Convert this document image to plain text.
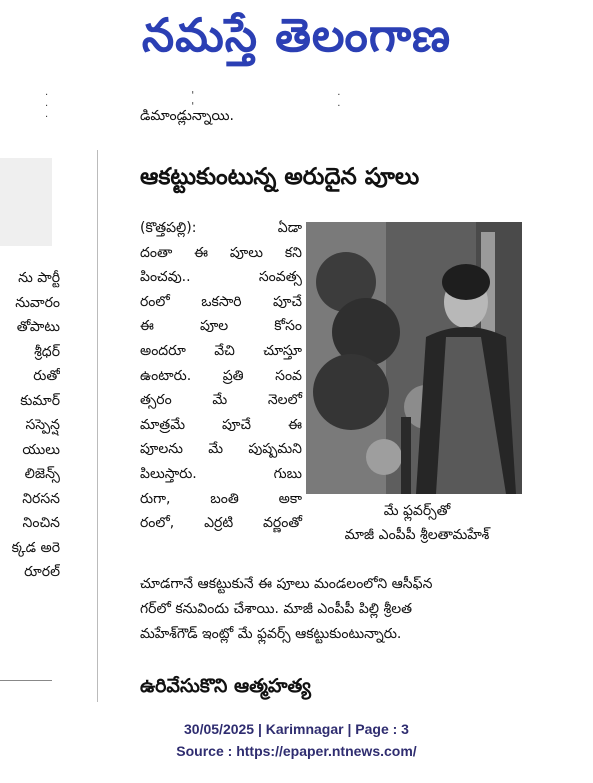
నమస్తే తెలంగాణ
· ' · · ' · ·	డిమాండ్లున్నాయి.
ను పార్టీ
నువారం
తోపాటు
శ్రీధర్
రుతో
కుమార్
సస్పెన్ష
యులు
లిజెన్స్
నిరసన
నించిన
క్కడ అరె
రూరల్
ఆకట్టుకుంటున్న అరుదైన పూలు
(కొత్తపల్లి): ఏడా
దంతా ఈ పూలు కని
పించవు.. సంవత్స
రంలో ఒకసారి పూచే
ఈ పూల కోసం
అందరూ వేచి చూస్తూ
ఉంటారు. ప్రతి సంవ
త్సరం మే నెలలో
మాత్రమే పూచే ఈ
పూలను మే పుష్పమని
పిలుస్తారు. గుబు
రుగా, బంతి అకా
రంలో, ఎర్రటి వర్ణంతో
మే ఫ్లవర్స్‌తో
మాజీ ఎంపీపీ శ్రీలతామహేశ్
చూడగానే ఆకట్టుకునే ఈ పూలు మండలంలోని ఆసీఫ్‌న
గర్‌లో కనువిందు చేశాయి. మాజీ ఎంపీపీ పిల్లి శ్రీలత
మహేశ్‌గౌడ్ ఇంట్లో మే ఫ్లవర్స్ ఆకట్టుకుంటున్నారు.
ఉరివేసుకొని ఆత్మహత్య
30/05/2025 | Karimnagar | Page : 3
Source : https://epaper.ntnews.com/
